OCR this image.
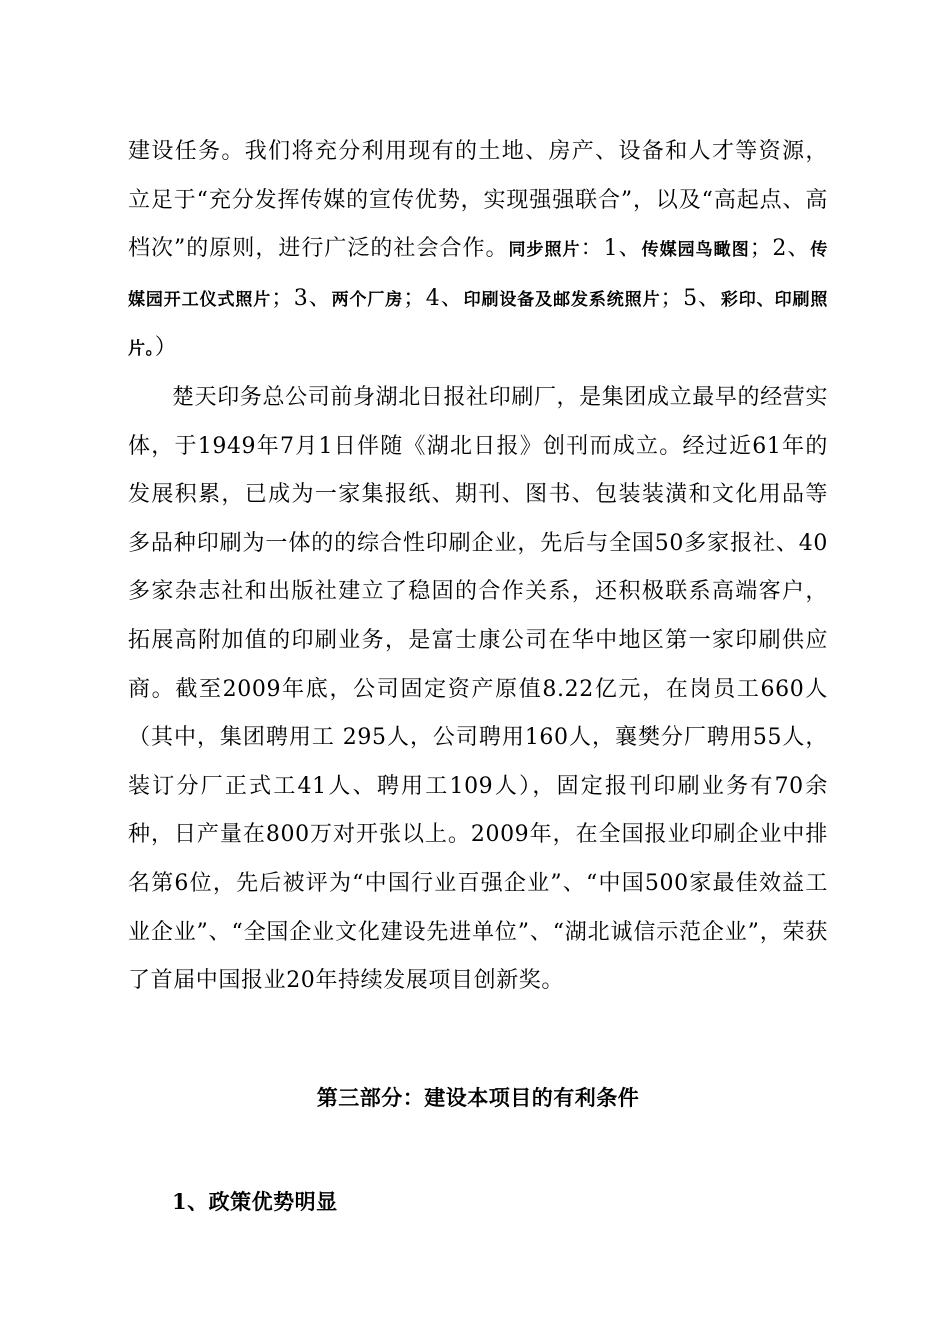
建设任务。我们将充分利用现有的土地、房产、设备和人才等资源，立足于“充分发挥传媒的宣传优势，实现强强联合”，以及“高起点、高档次”的原则，进行广泛的社会合作。同步照片：1、传媒园鸟瞰图；2、传媒园开工仪式照片；3、两个厂房；4、印刷设备及邮发系统照片；5、彩印、印刷照片。）

楚天印务总公司前身湖北日报社印刷厂，是集团成立最早的经营实体，于1949年7月1日伴随《湖北日报》创刊而成立。经过近61年的发展积累，已成为一家集报纸、期刊、图书、包装装潢和文化用品等多品种印刷为一体的的综合性印刷企业，先后与全国50多家报社、40多家杂志社和出版社建立了稳固的合作关系，还积极联系高端客户，拓展高附加值的印刷业务，是富士康公司在华中地区第一家印刷供应商。截至2009年底，公司固定资产原值8.22亿元，在岗员工660人（其中，集团聘用工 295人，公司聘用160人，襄樊分厂聘用55人，装订分厂正式工41人、聘用工109人），固定报刊印刷业务有70余种，日产量在800万对开张以上。2009年，在全国报业印刷企业中排名第6位，先后被评为“中国行业百强企业”、“中国500家最佳效益工业企业”、“全国企业文化建设先进单位”、“湖北诚信示范企业”，荣获了首届中国报业20年持续发展项目创新奖。

第三部分：建设本项目的有利条件
1、政策优势明显
